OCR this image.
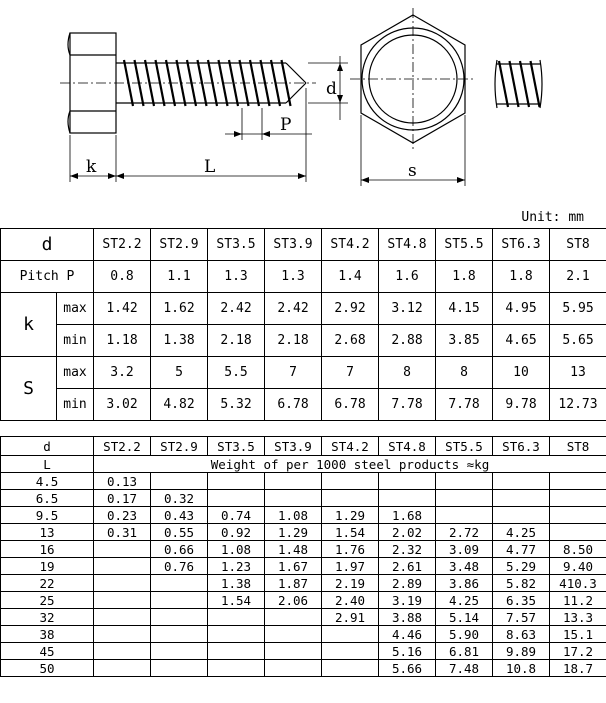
k	L
P
d
s
Unit: mm
d		ST2.2	ST2.9	ST3.5	ST3.9	ST4.2	ST4.8	ST5.5	ST6.3	ST8
Pitch P		0.8	1.1	1.3	1.3	1.4	1.6	1.8	1.8	2.1
k	max	1.42	1.62	2.42	2.42	2.92	3.12	4.15	4.95	5.95
	min	1.18	1.38	2.18	2.18	2.68	2.88	3.85	4.65	5.65
S	max	3.2	5	5.5	7	7	8	8	10	13
	min	3.02	4.82	5.32	6.78	6.78	7.78	7.78	9.78	12.73
d	ST2.2	ST2.9	ST3.5	ST3.9	ST4.2	ST4.8	ST5.5	ST6.3	ST8
L	Weight of per 1000 steel products ≈kg								
4.5	0.13								
6.5	0.17	0.32							
9.5	0.23	0.43	0.74	1.08	1.29	1.68			
13	0.31	0.55	0.92	1.29	1.54	2.02	2.72	4.25	
16		0.66	1.08	1.48	1.76	2.32	3.09	4.77	8.50
19		0.76	1.23	1.67	1.97	2.61	3.48	5.29	9.40
22			1.38	1.87	2.19	2.89	3.86	5.82	410.3
25			1.54	2.06	2.40	3.19	4.25	6.35	11.2
32					2.91	3.88	5.14	7.57	13.3
38						4.46	5.90	8.63	15.1
45						5.16	6.81	9.89	17.2
50						5.66	7.48	10.8	18.7
